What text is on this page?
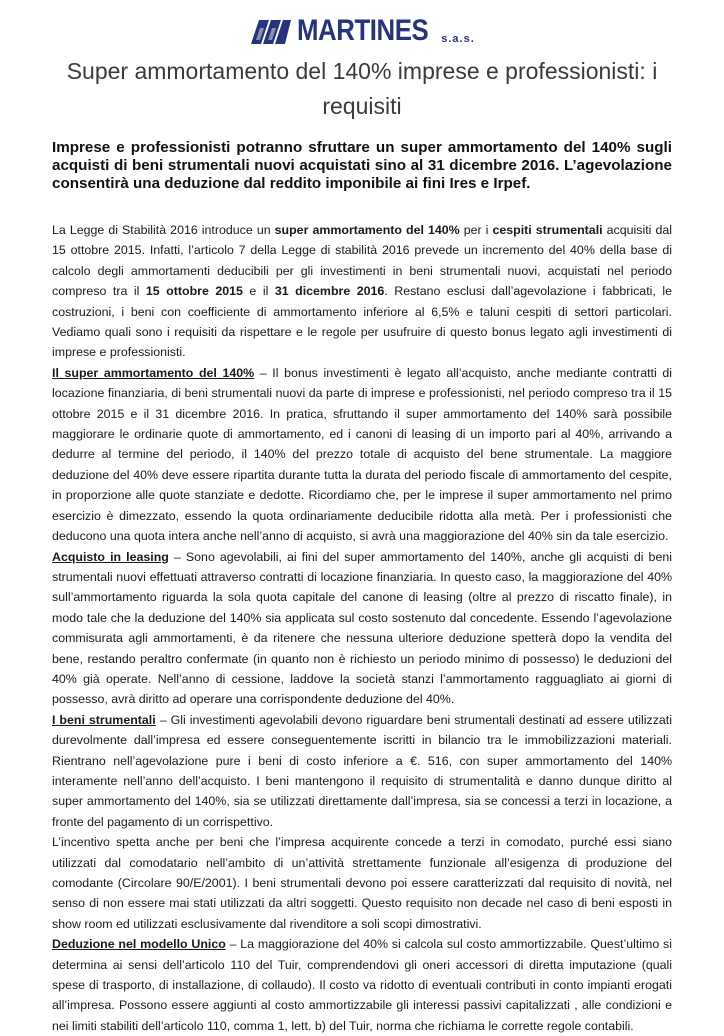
MARTINES s.a.s.
Super ammortamento del 140% imprese e professionisti: i requisiti

Imprese e professionisti potranno sfruttare un super ammortamento del 140% sugli acquisti di beni strumentali nuovi acquistati sino al 31 dicembre 2016. L’agevolazione consentirà una deduzione dal reddito imponibile ai fini Ires e Irpef.

La Legge di Stabilità 2016 introduce un super ammortamento del 140% per i cespiti strumentali acquisiti dal 15 ottobre 2015. Infatti, l’articolo 7 della Legge di stabilità 2016 prevede un incremento del 40% della base di calcolo degli ammortamenti deducibili per gli investimenti in beni strumentali nuovi, acquistati nel periodo compreso tra il 15 ottobre 2015 e il 31 dicembre 2016. Restano esclusi dall’agevolazione i fabbricati, le costruzioni, i beni con coefficiente di ammortamento inferiore al 6,5% e taluni cespiti di settori particolari. Vediamo quali sono i requisiti da rispettare e le regole per usufruire di questo bonus legato agli investimenti di imprese e professionisti.

Il super ammortamento del 140% – Il bonus investimenti è legato all’acquisto, anche mediante contratti di locazione finanziaria, di beni strumentali nuovi da parte di imprese e professionisti, nel periodo compreso tra il 15 ottobre 2015 e il 31 dicembre 2016. In pratica, sfruttando il super ammortamento del 140% sarà possibile maggiorare le ordinarie quote di ammortamento, ed i canoni di leasing di un importo pari al 40%, arrivando a dedurre al termine del periodo, il 140% del prezzo totale di acquisto del bene strumentale. La maggiore deduzione del 40% deve essere ripartita durante tutta la durata del periodo fiscale di ammortamento del cespite, in proporzione alle quote stanziate e dedotte. Ricordiamo che, per le imprese il super ammortamento nel primo esercizio è dimezzato, essendo la quota ordinariamente deducibile ridotta alla metà. Per i professionisti che deducono una quota intera anche nell’anno di acquisto, si avrà una maggiorazione del 40% sin da tale esercizio.

Acquisto in leasing – Sono agevolabili, ai fini del super ammortamento del 140%, anche gli acquisti di beni strumentali nuovi effettuati attraverso contratti di locazione finanziaria. In questo caso, la maggiorazione del 40% sull’ammortamento riguarda la sola quota capitale del canone di leasing (oltre al prezzo di riscatto finale), in modo tale che la deduzione del 140% sia applicata sul costo sostenuto dal concedente. Essendo l’agevolazione commisurata agli ammortamenti, è da ritenere che nessuna ulteriore deduzione spetterà dopo la vendita del bene, restando peraltro confermate (in quanto non è richiesto un periodo minimo di possesso) le deduzioni del 40% già operate. Nell’anno di cessione, laddove la società stanzi l’ammortamento ragguagliato ai giorni di possesso, avrà diritto ad operare una corrispondente deduzione del 40%.

I beni strumentali – Gli investimenti agevolabili devono riguardare beni strumentali destinati ad essere utilizzati durevolmente dall’impresa ed essere conseguentemente iscritti in bilancio tra le immobilizzazioni materiali. Rientrano nell’agevolazione pure i beni di costo inferiore a €. 516, con super ammortamento del 140% interamente nell’anno dell’acquisto. I beni mantengono il requisito di strumentalità e danno dunque diritto al super ammortamento del 140%, sia se utilizzati direttamente dall’impresa, sia se concessi a terzi in locazione, a fronte del pagamento di un corrispettivo.

L’incentivo spetta anche per beni che l’impresa acquirente concede a terzi in comodato, purché essi siano utilizzati dal comodatario nell’ambito di un’attività strettamente funzionale all’esigenza di produzione del comodante (Circolare 90/E/2001). I beni strumentali devono poi essere caratterizzati dal requisito di novità, nel senso di non essere mai stati utilizzati da altri soggetti. Questo requisito non decade nel caso di beni esposti in show room ed utilizzati esclusivamente dal rivenditore a soli scopi dimostrativi.

Deduzione nel modello Unico – La maggiorazione del 40% si calcola sul costo ammortizzabile. Quest’ultimo si determina ai sensi dell’articolo 110 del Tuir, comprendendovi gli oneri accessori di diretta imputazione (quali spese di trasporto, di installazione, di collaudo). Il costo va ridotto di eventuali contributi in conto impianti erogati all’impresa. Possono essere aggiunti al costo ammortizzabile gli interessi passivi capitalizzati , alle condizioni e nei limiti stabiliti dell’articolo 110, comma 1, lett. b) del Tuir, norma che richiama le corrette regole contabili.
